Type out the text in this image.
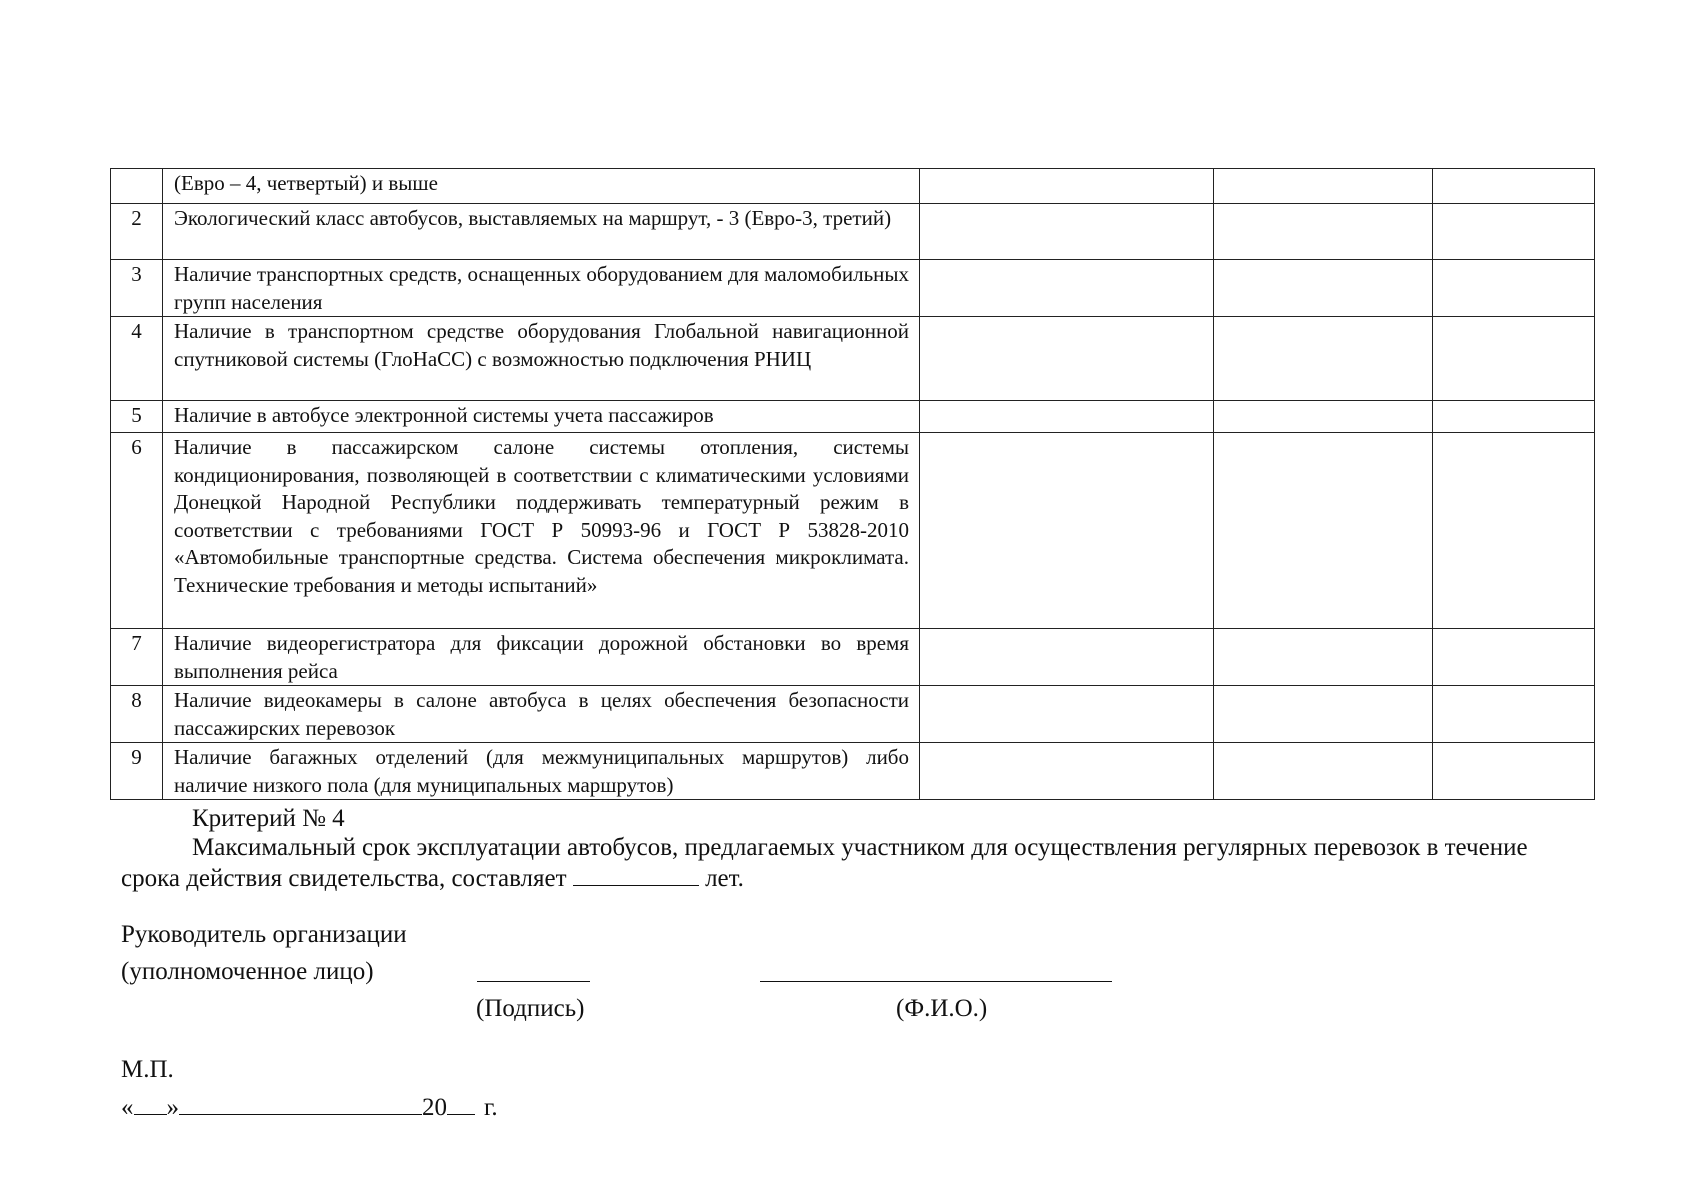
	(Евро – 4, четвертый) и выше			
2	Экологический класс автобусов, выставляемых на маршрут, - 3 (Евро-3, третий)			
3	Наличие транспортных средств, оснащенных оборудованием для маломобильных групп населения			
4	Наличие в транспортном средстве оборудования Глобальной навигационной спутниковой системы (ГлоНаСС) с возможностью подключения РНИЦ			
5	Наличие в автобусе электронной системы учета пассажиров			
6	Наличие в пассажирском салоне системы отопления, системы кондиционирования, позволяющей в соответствии с климатическими условиями Донецкой Народной Республики поддерживать температурный режим в соответствии с требованиями ГОСТ Р 50993-96 и ГОСТ Р 53828-2010 «Автомобильные транспортные средства. Система обеспечения микроклимата. Технические требования и методы испытаний»			
7	Наличие видеорегистратора для фиксации дорожной обстановки во время выполнения рейса			
8	Наличие видеокамеры в салоне автобуса в целях обеспечения безопасности пассажирских перевозок			
9	Наличие багажных отделений (для межмуниципальных маршрутов) либо наличие низкого пола (для муниципальных маршрутов)			
Критерий № 4
Максимальный срок эксплуатации автобусов, предлагаемых участником для осуществления регулярных перевозок в течение срока действия свидетельства, составляет	лет.
Руководитель организации
(уполномоченное лицо)
(Подпись)	(Ф.И.О.)
М.П.
« »	20 г.
